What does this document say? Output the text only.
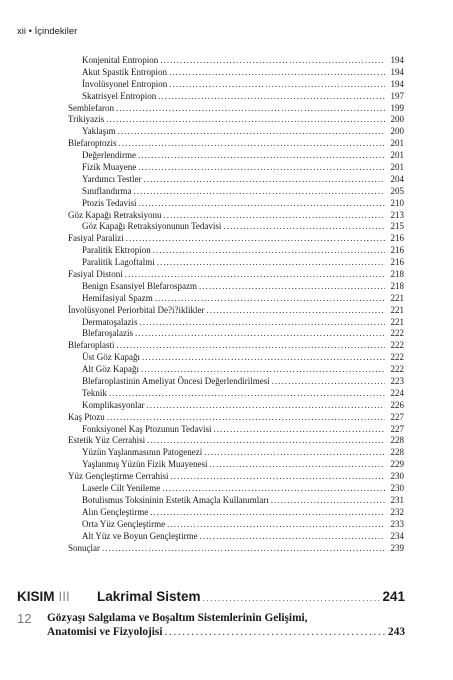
xii • İçindekiler
Konjenital Entropion . . .	194
Akut Spastik Entropion . . .	194
İnvolüsyonel Entropion . . .	194
Skatrisyel Entropion . . .	197
Semblefaron . . .	199
Trikiyazis . . .	200
Yaklaşım . . .	200
Blefaroptozis . . .	201
Değerlendirme . . .	201
Fizik Muayene . . .	201
Yardımcı Testler . . .	204
Sınıflandırma . . .	205
Ptozis Tedavisi . . .	210
Göz Kapağı Retraksiyonu . . .	213
Göz Kapağı Retraksiyonunun Tedavisi . . .	215
Fasiyal Paralizi . . .	216
Paralitik Ektropion . . .	216
Paralitik Lagoftalmi . . .	216
Fasiyal Distoni . . .	218
Benign Esansiyel Blefarospazm . . .	218
Hemifasiyal Spazm . . .	221
İnvolüsyonel Periorbital De?i?iklikler . . .	221
Dermatoşalazis . . .	221
Blefaroşalazis . . .	222
Blefaroplasti . . .	222
Üst Göz Kapağı . . .	222
Alt Göz Kapağı . . .	222
Blefaroplastinin Ameliyat Öncesi Değerlendirilmesi . . .	223
Teknik . . .	224
Komplikasyonlar . . .	226
Kaş Ptozu . . .	227
Fonksiyonel Kaş Ptozunun Tedavisi . . .	227
Estetik Yüz Cerrahisi . . .	228
Yüzün Yaşlanmasının Patogenezi . . .	228
Yaşlanmış Yüzün Fizik Muayenesi . . .	229
Yüz Gençleştirme Cerrahisi . . .	230
Laserle Cilt Yenileme . . .	230
Botulismus Toksininin Estetik Amaçla Kullanımları . . .	231
Alın Gençleştirme . . .	232
Orta Yüz Gençleştirme . . .	233
Alt Yüz ve Boyun Gençleştirme . . .	234
Sonuçlar . . .	239
KISIM III	Lakrimal Sistem . . .	241
12 Gözyaşı Salgılama ve Boşaltım Sistemlerinin Gelişimi,
Anatomisi ve Fizyolojisi . . .	243
